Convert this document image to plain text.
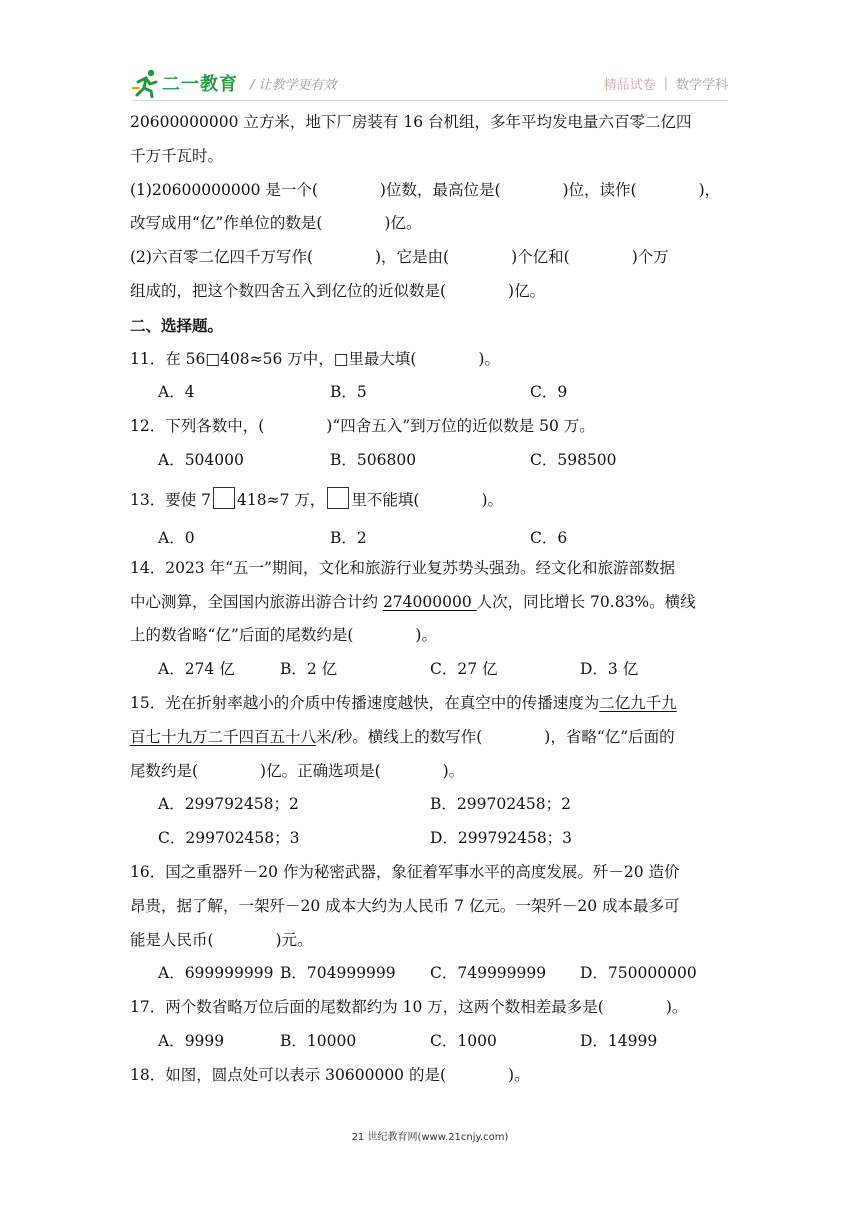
二一教育 / 让教学更有效	精品试卷 | 数学学科
20600000000 立方米，地下厂房装有 16 台机组，多年平均发电量六百零二亿四
千万千瓦时。
(1)20600000000 是一个(　　　　)位数，最高位是(　　　　)位，读作(　　　　)，
改写成用“亿”作单位的数是(　　　　)亿。
(2)六百零二亿四千万写作(　　　　)，它是由(　　　　)个亿和(　　　　)个万
组成的，把这个数四舍五入到亿位的近似数是(　　　　)亿。
二、选择题。
11．在 56□408≈56 万中，□里最大填(　　　　)。
A．4	B．5	C．9
12．下列各数中，(　　　　)“四舍五入”到万位的近似数是 50 万。
A．504000	B．506800	C．598500
13．要使 7 418≈7 万， 里不能填(　　　　)。
A．0	B．2	C．6
14．2023 年“五一”期间，文化和旅游行业复苏势头强劲。经文化和旅游部数据
中心测算，全国国内旅游出游合计约 274000000 人次，同比增长 70.83%。横线
上的数省略“亿”后面的尾数约是(　　　　)。
A．274 亿	B．2 亿	C．27 亿	D．3 亿
15．光在折射率越小的介质中传播速度越快，在真空中的传播速度为二亿九千九
百七十九万二千四百五十八米/秒。横线上的数写作(　　　　)，省略“亿”后面的
尾数约是(　　　　)亿。正确选项是(　　　　)。
A．299792458；2	B．299702458；2
C．299702458；3	D．299792458；3
16．国之重器歼－20 作为秘密武器，象征着军事水平的高度发展。歼－20 造价
昂贵，据了解，一架歼－20 成本大约为人民币 7 亿元。一架歼－20 成本最多可
能是人民币(　　　　)元。
A．699999999 B．704999999	C．749999999	D．750000000
17．两个数省略万位后面的尾数都约为 10 万，这两个数相差最多是(　　　　)。
A．9999	B．10000	C．1000	D．14999
18．如图，圆点处可以表示 30600000 的是(　　　　)。
21 世纪教育网(www.21cnjy.com)
